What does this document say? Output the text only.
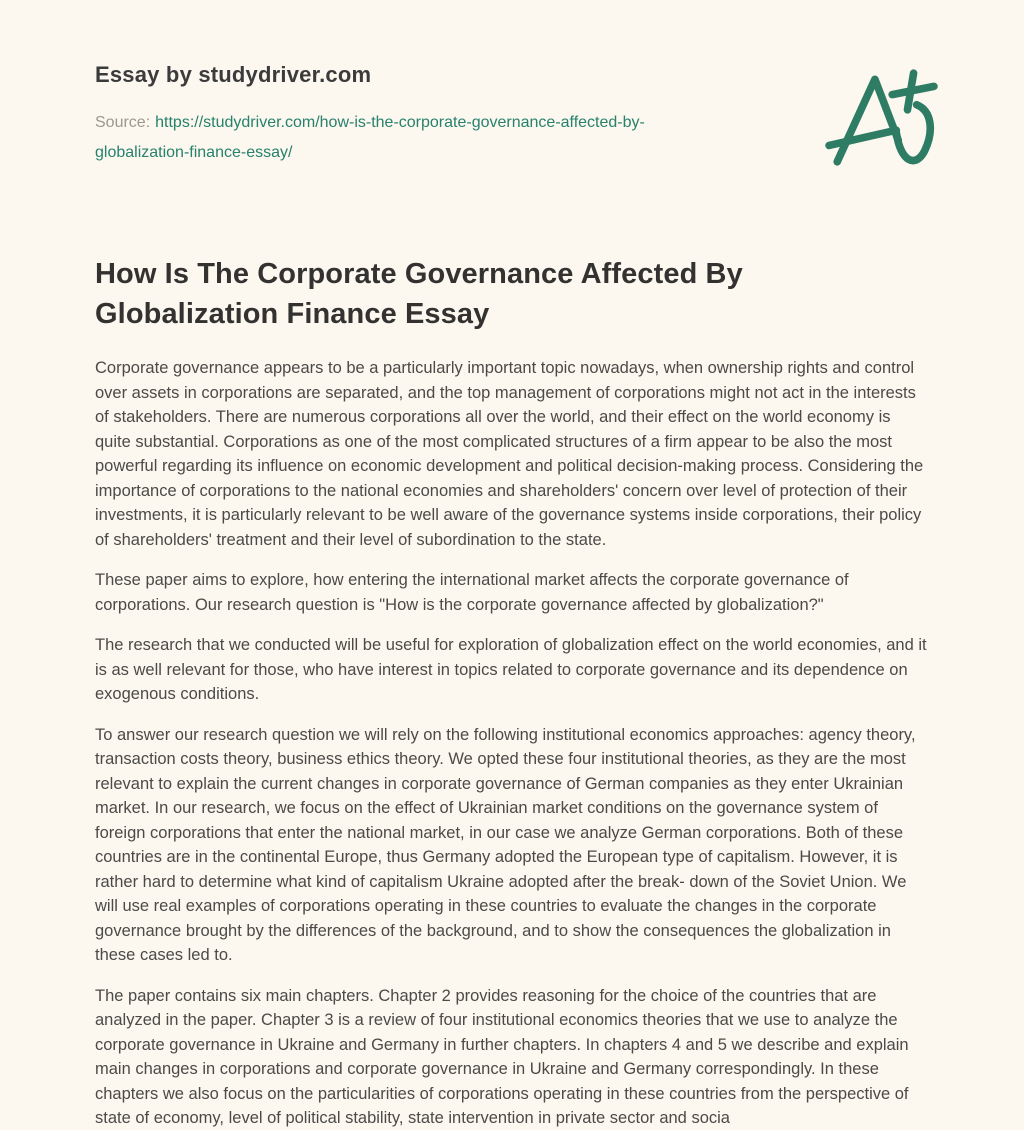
Essay by studydriver.com

Source: https://studydriver.com/how-is-the-corporate-governance-affected-by-globalization-finance-essay/

How Is The Corporate Governance Affected By
Globalization Finance Essay

Corporate governance appears to be a particularly important topic nowadays, when ownership rights and control over assets in corporations are separated, and the top management of corporations might not act in the interests of stakeholders. There are numerous corporations all over the world, and their effect on the world economy is quite substantial. Corporations as one of the most complicated structures of a firm appear to be also the most powerful regarding its influence on economic development and political decision-making process. Considering the importance of corporations to the national economies and shareholders' concern over level of protection of their investments, it is particularly relevant to be well aware of the governance systems inside corporations, their policy of shareholders' treatment and their level of subordination to the state.

These paper aims to explore, how entering the international market affects the corporate governance of corporations. Our research question is "How is the corporate governance affected by globalization?"

The research that we conducted will be useful for exploration of globalization effect on the world economies, and it is as well relevant for those, who have interest in topics related to corporate governance and its dependence on exogenous conditions.

To answer our research question we will rely on the following institutional economics approaches: agency theory, transaction costs theory, business ethics theory. We opted these four institutional theories, as they are the most relevant to explain the current changes in corporate governance of German companies as they enter Ukrainian market. In our research, we focus on the effect of Ukrainian market conditions on the governance system of foreign corporations that enter the national market, in our case we analyze German corporations. Both of these countries are in the continental Europe, thus Germany adopted the European type of capitalism. However, it is rather hard to determine what kind of capitalism Ukraine adopted after the break- down of the Soviet Union. We will use real examples of corporations operating in these countries to evaluate the changes in the corporate governance brought by the differences of the background, and to show the consequences the globalization in these cases led to.

The paper contains six main chapters. Chapter 2 provides reasoning for the choice of the countries that are analyzed in the paper. Chapter 3 is a review of four institutional economics theories that we use to analyze the corporate governance in Ukraine and Germany in further chapters. In chapters 4 and 5 we describe and explain main changes in corporations and corporate governance in Ukraine and Germany correspondingly. In these chapters we also focus on the particularities of corporations operating in these countries from the perspective of state of economy, level of political stability, state intervention in private sector and socia
